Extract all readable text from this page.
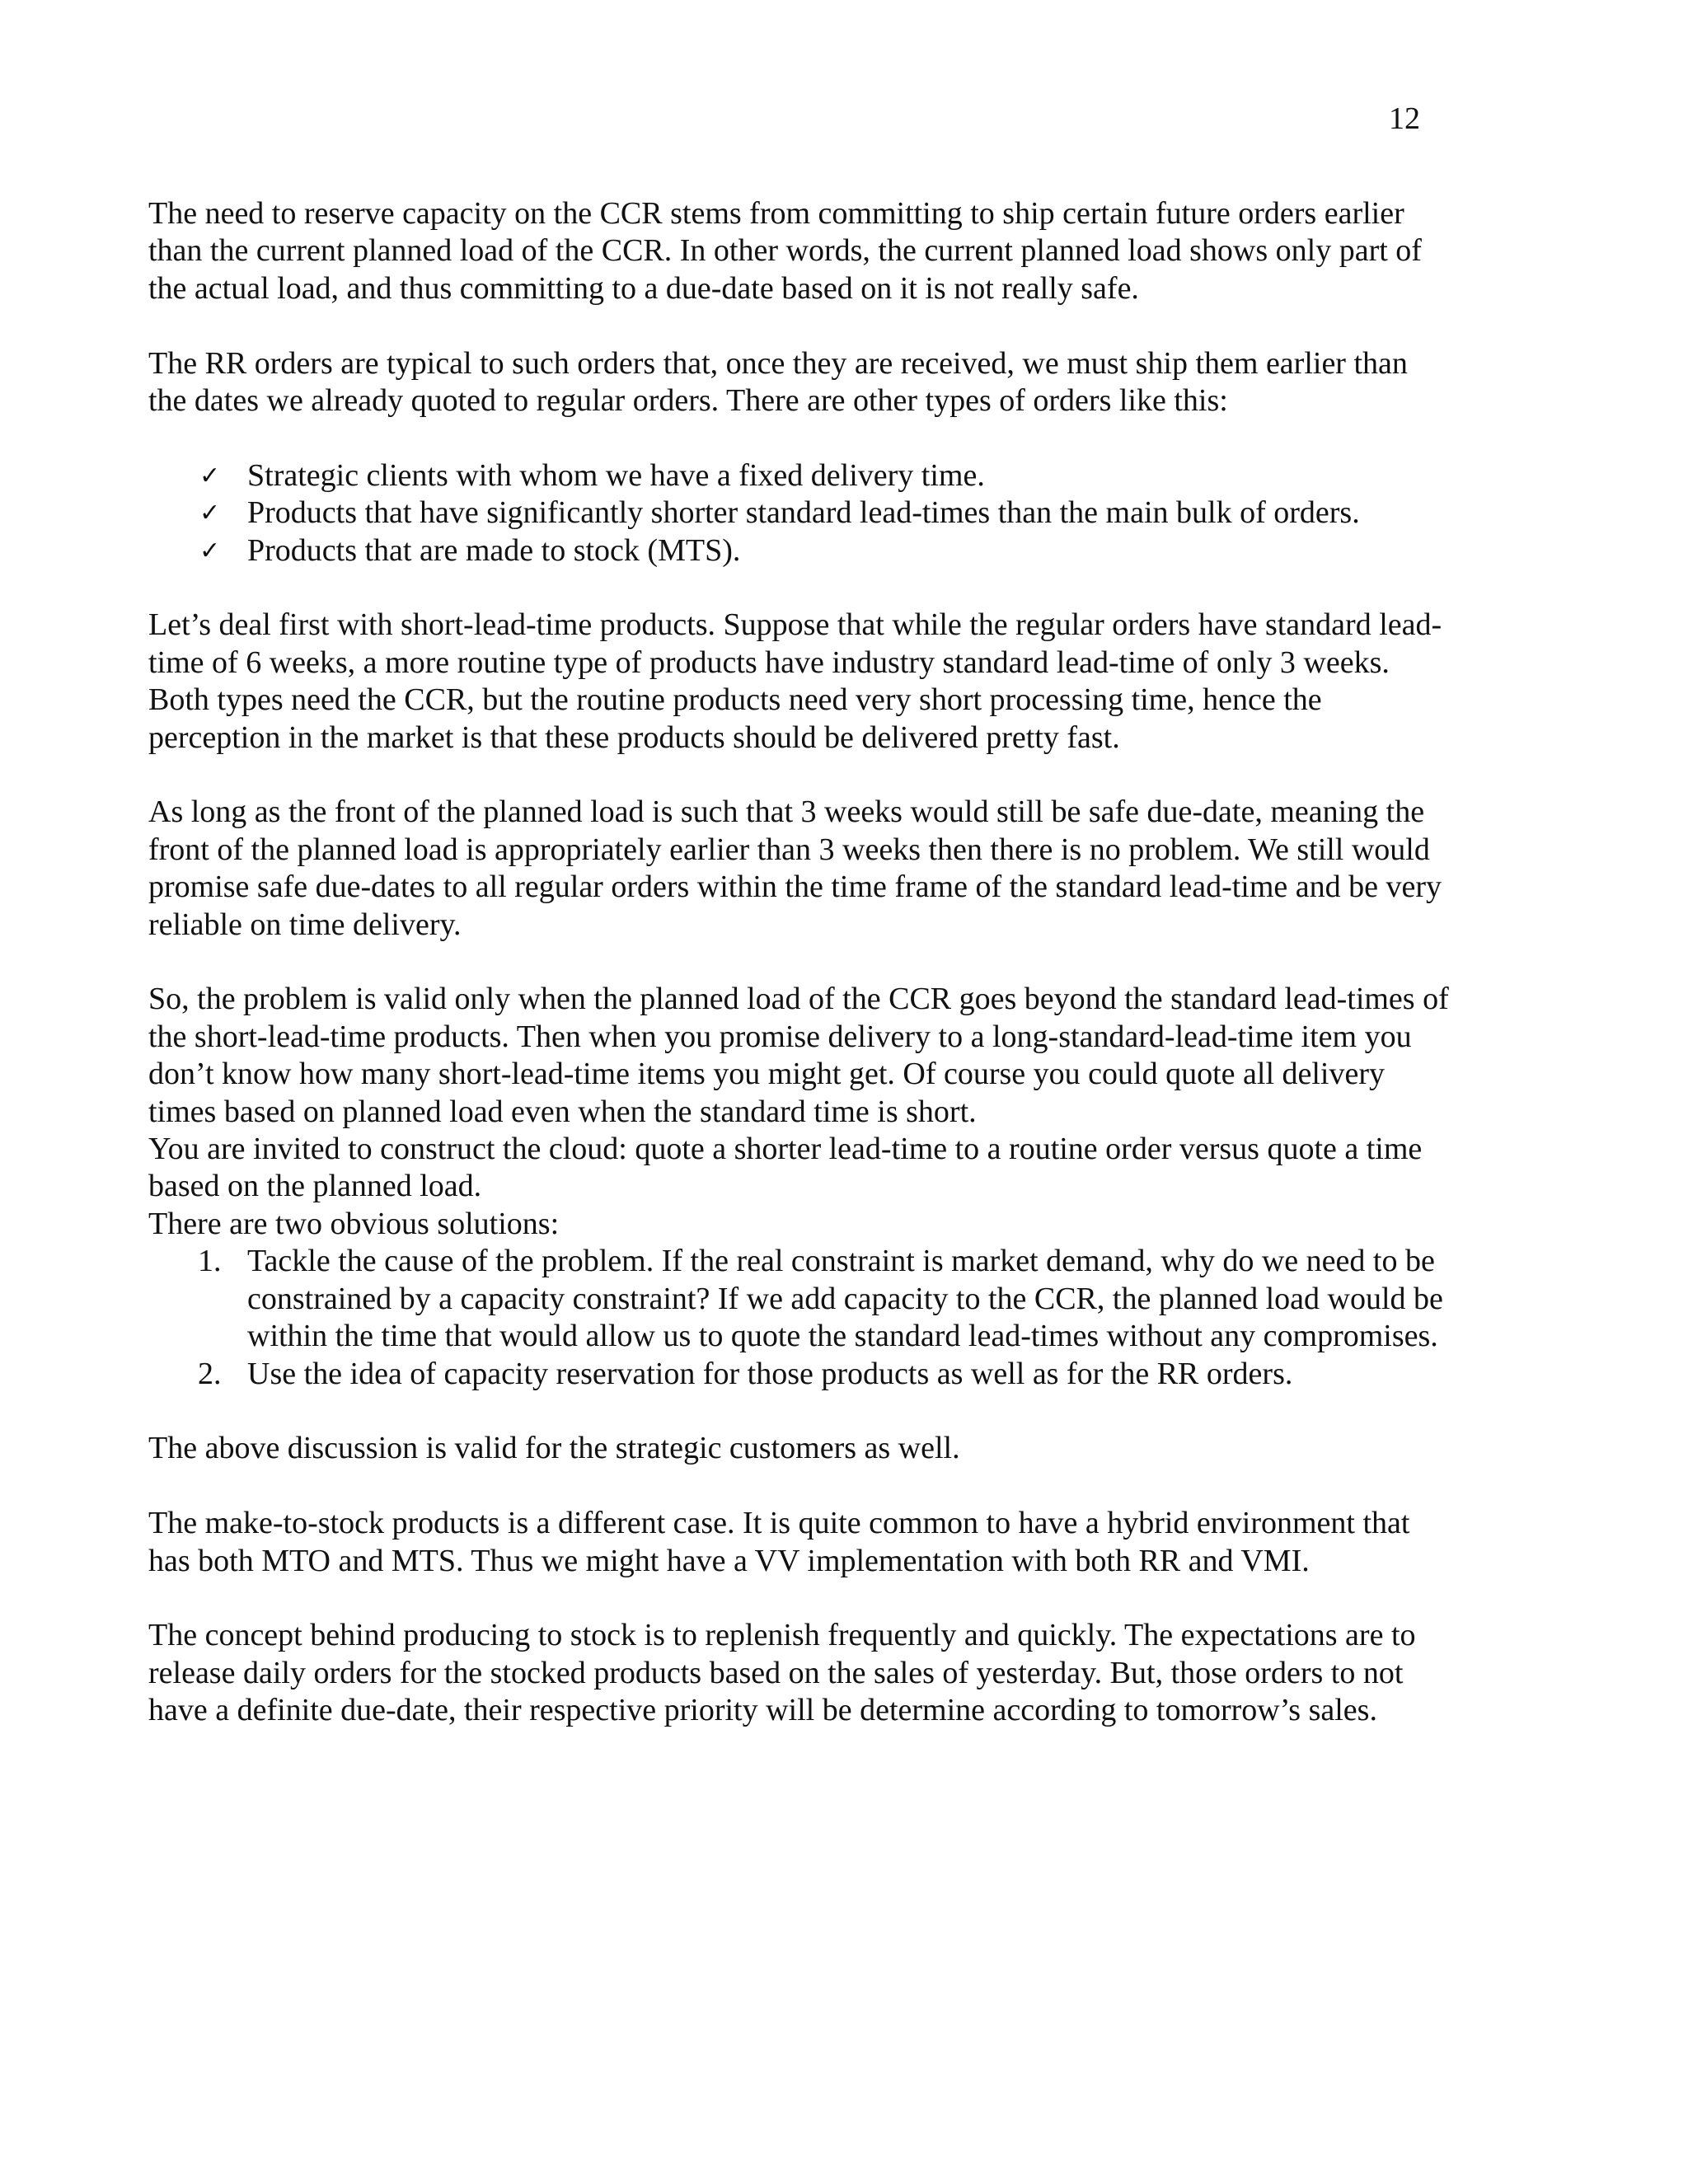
12

The need to reserve capacity on the CCR stems from committing to ship certain future orders earlier than the current planned load of the CCR. In other words, the current planned load shows only part of the actual load, and thus committing to a due-date based on it is not really safe.

The RR orders are typical to such orders that, once they are received, we must ship them earlier than the dates we already quoted to regular orders. There are other types of orders like this:

✓ Strategic clients with whom we have a fixed delivery time.
✓ Products that have significantly shorter standard lead-times than the main bulk of orders.
✓ Products that are made to stock (MTS).

Let’s deal first with short-lead-time products. Suppose that while the regular orders have standard lead-time of 6 weeks, a more routine type of products have industry standard lead-time of only 3 weeks. Both types need the CCR, but the routine products need very short processing time, hence the perception in the market is that these products should be delivered pretty fast.

As long as the front of the planned load is such that 3 weeks would still be safe due-date, meaning the front of the planned load is appropriately earlier than 3 weeks then there is no problem. We still would promise safe due-dates to all regular orders within the time frame of the standard lead-time and be very reliable on time delivery.

So, the problem is valid only when the planned load of the CCR goes beyond the standard lead-times of the short-lead-time products. Then when you promise delivery to a long-standard-lead-time item you don’t know how many short-lead-time items you might get. Of course you could quote all delivery times based on planned load even when the standard time is short.

You are invited to construct the cloud: quote a shorter lead-time to a routine order versus quote a time based on the planned load.

There are two obvious solutions:

1. Tackle the cause of the problem. If the real constraint is market demand, why do we need to be constrained by a capacity constraint? If we add capacity to the CCR, the planned load would be within the time that would allow us to quote the standard lead-times without any compromises.
2. Use the idea of capacity reservation for those products as well as for the RR orders.

The above discussion is valid for the strategic customers as well.

The make-to-stock products is a different case. It is quite common to have a hybrid environment that has both MTO and MTS. Thus we might have a VV implementation with both RR and VMI.

The concept behind producing to stock is to replenish frequently and quickly. The expectations are to release daily orders for the stocked products based on the sales of yesterday. But, those orders to not have a definite due-date, their respective priority will be determine according to tomorrow’s sales.
